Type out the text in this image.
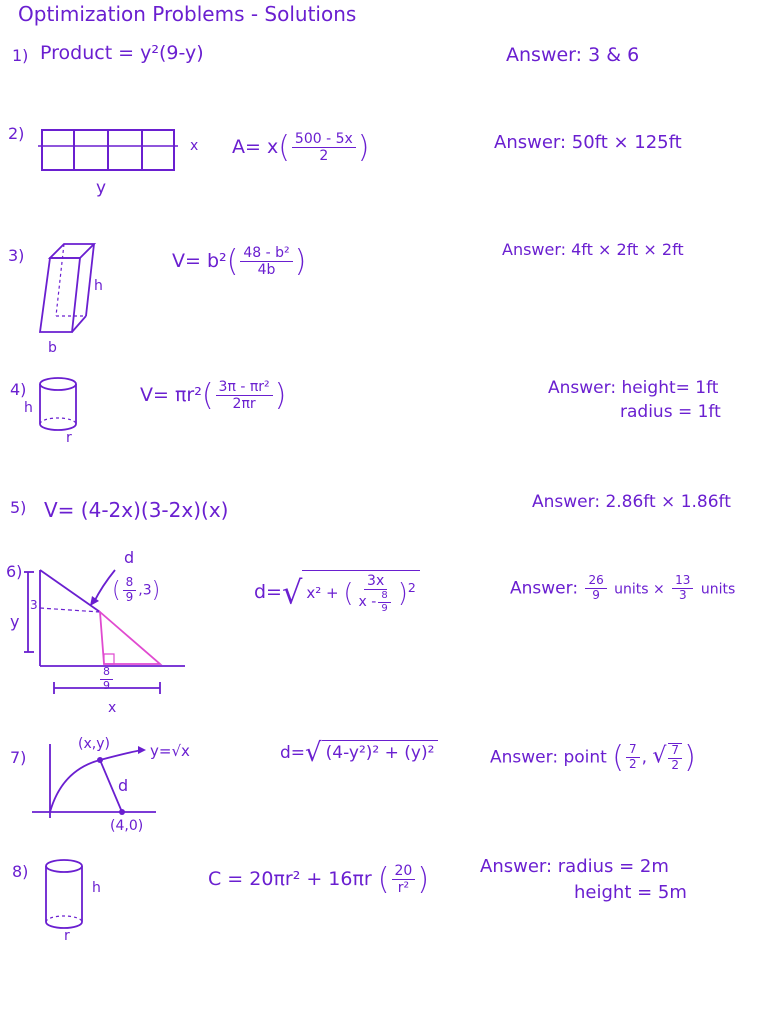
Optimization Problems - Solutions
1) Product = y²(9-y)	Answer: 3 & 6
2)
x
y
$A= x( \frac{500 - 5x}{2}$ )	Answer: 50ft × 125ft
3)
h
b
$V= b^2( \frac{\text{48 - b²}}{4b}$ )	Answer: 4ft × 2ft × 2ft
4)
h
r
$V= \pi r^2( \frac{\text{3π - πr²}}{2\pi r}$ )	Answer: height= 1ft
radius = 1ft
5) V= (4-2x)(3-2x)(x)	Answer: 2.86ft × 1.86ft
6)
d
( $\frac{8}{9} ,3$)
3
y
$\frac{8}{9}$
x
d=√ x² + ( $\frac{3x}{x - \frac{8}{9}} )^2$	Answer: $\frac{26}{9}$ units × $\frac{13}{3}$ units
7)
(x,y)	y=√x
d
(4,0)
d=√ (4-y²)² + (y)²	Answer: point ( $\frac{7}{2}$ , √ $\frac{7}{2}$ )
8)
h
r
C = 20πr² + 16πr ( $\frac{20}{\text{r²}}$ )	Answer: radius = 2m
height = 5m
